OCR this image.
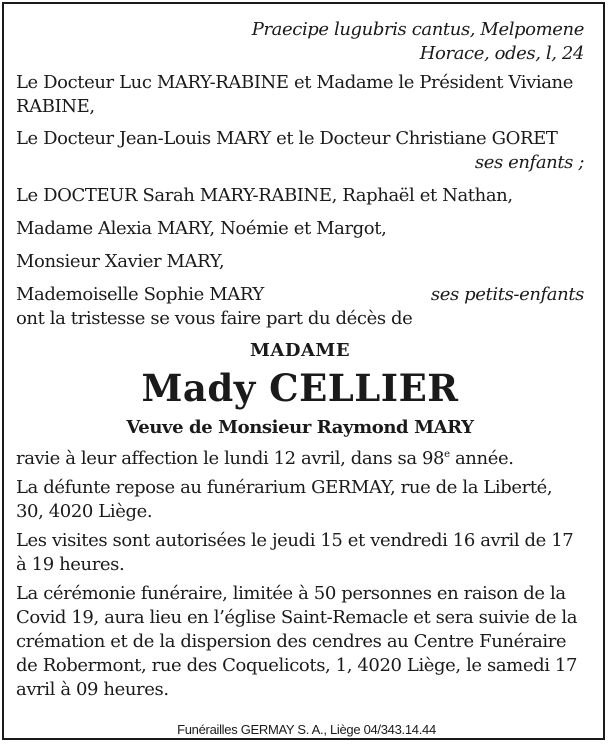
Praecipe lugubris cantus, Melpomene
Horace, odes, l, 24
Le Docteur Luc MARY-RABINE et Madame le Président Viviane RABINE,
Le Docteur Jean-Louis MARY et le Docteur Christiane GORET
ses enfants ;
Le DOCTEUR Sarah MARY-RABINE, Raphaël et Nathan,
Madame Alexia MARY, Noémie et Margot,
Monsieur Xavier MARY,
Mademoiselle Sophie MARY	ses petits-enfants
ont la tristesse se vous faire part du décès de
MADAME
Mady CELLIER
Veuve de Monsieur Raymond MARY
ravie à leur affection le lundi 12 avril, dans sa 98e année.
La défunte repose au funérarium GERMAY, rue de la Liberté, 30, 4020 Liège.
Les visites sont autorisées le jeudi 15 et vendredi 16 avril de 17 à 19 heures.
La cérémonie funéraire, limitée à 50 personnes en raison de la Covid 19, aura lieu en l’église Saint-Remacle et sera suivie de la crémation et de la dispersion des cendres au Centre Funéraire de Robermont, rue des Coquelicots, 1, 4020 Liège, le samedi 17 avril à 09 heures.
Funérailles GERMAY S. A., Liège 04/343.14.44
